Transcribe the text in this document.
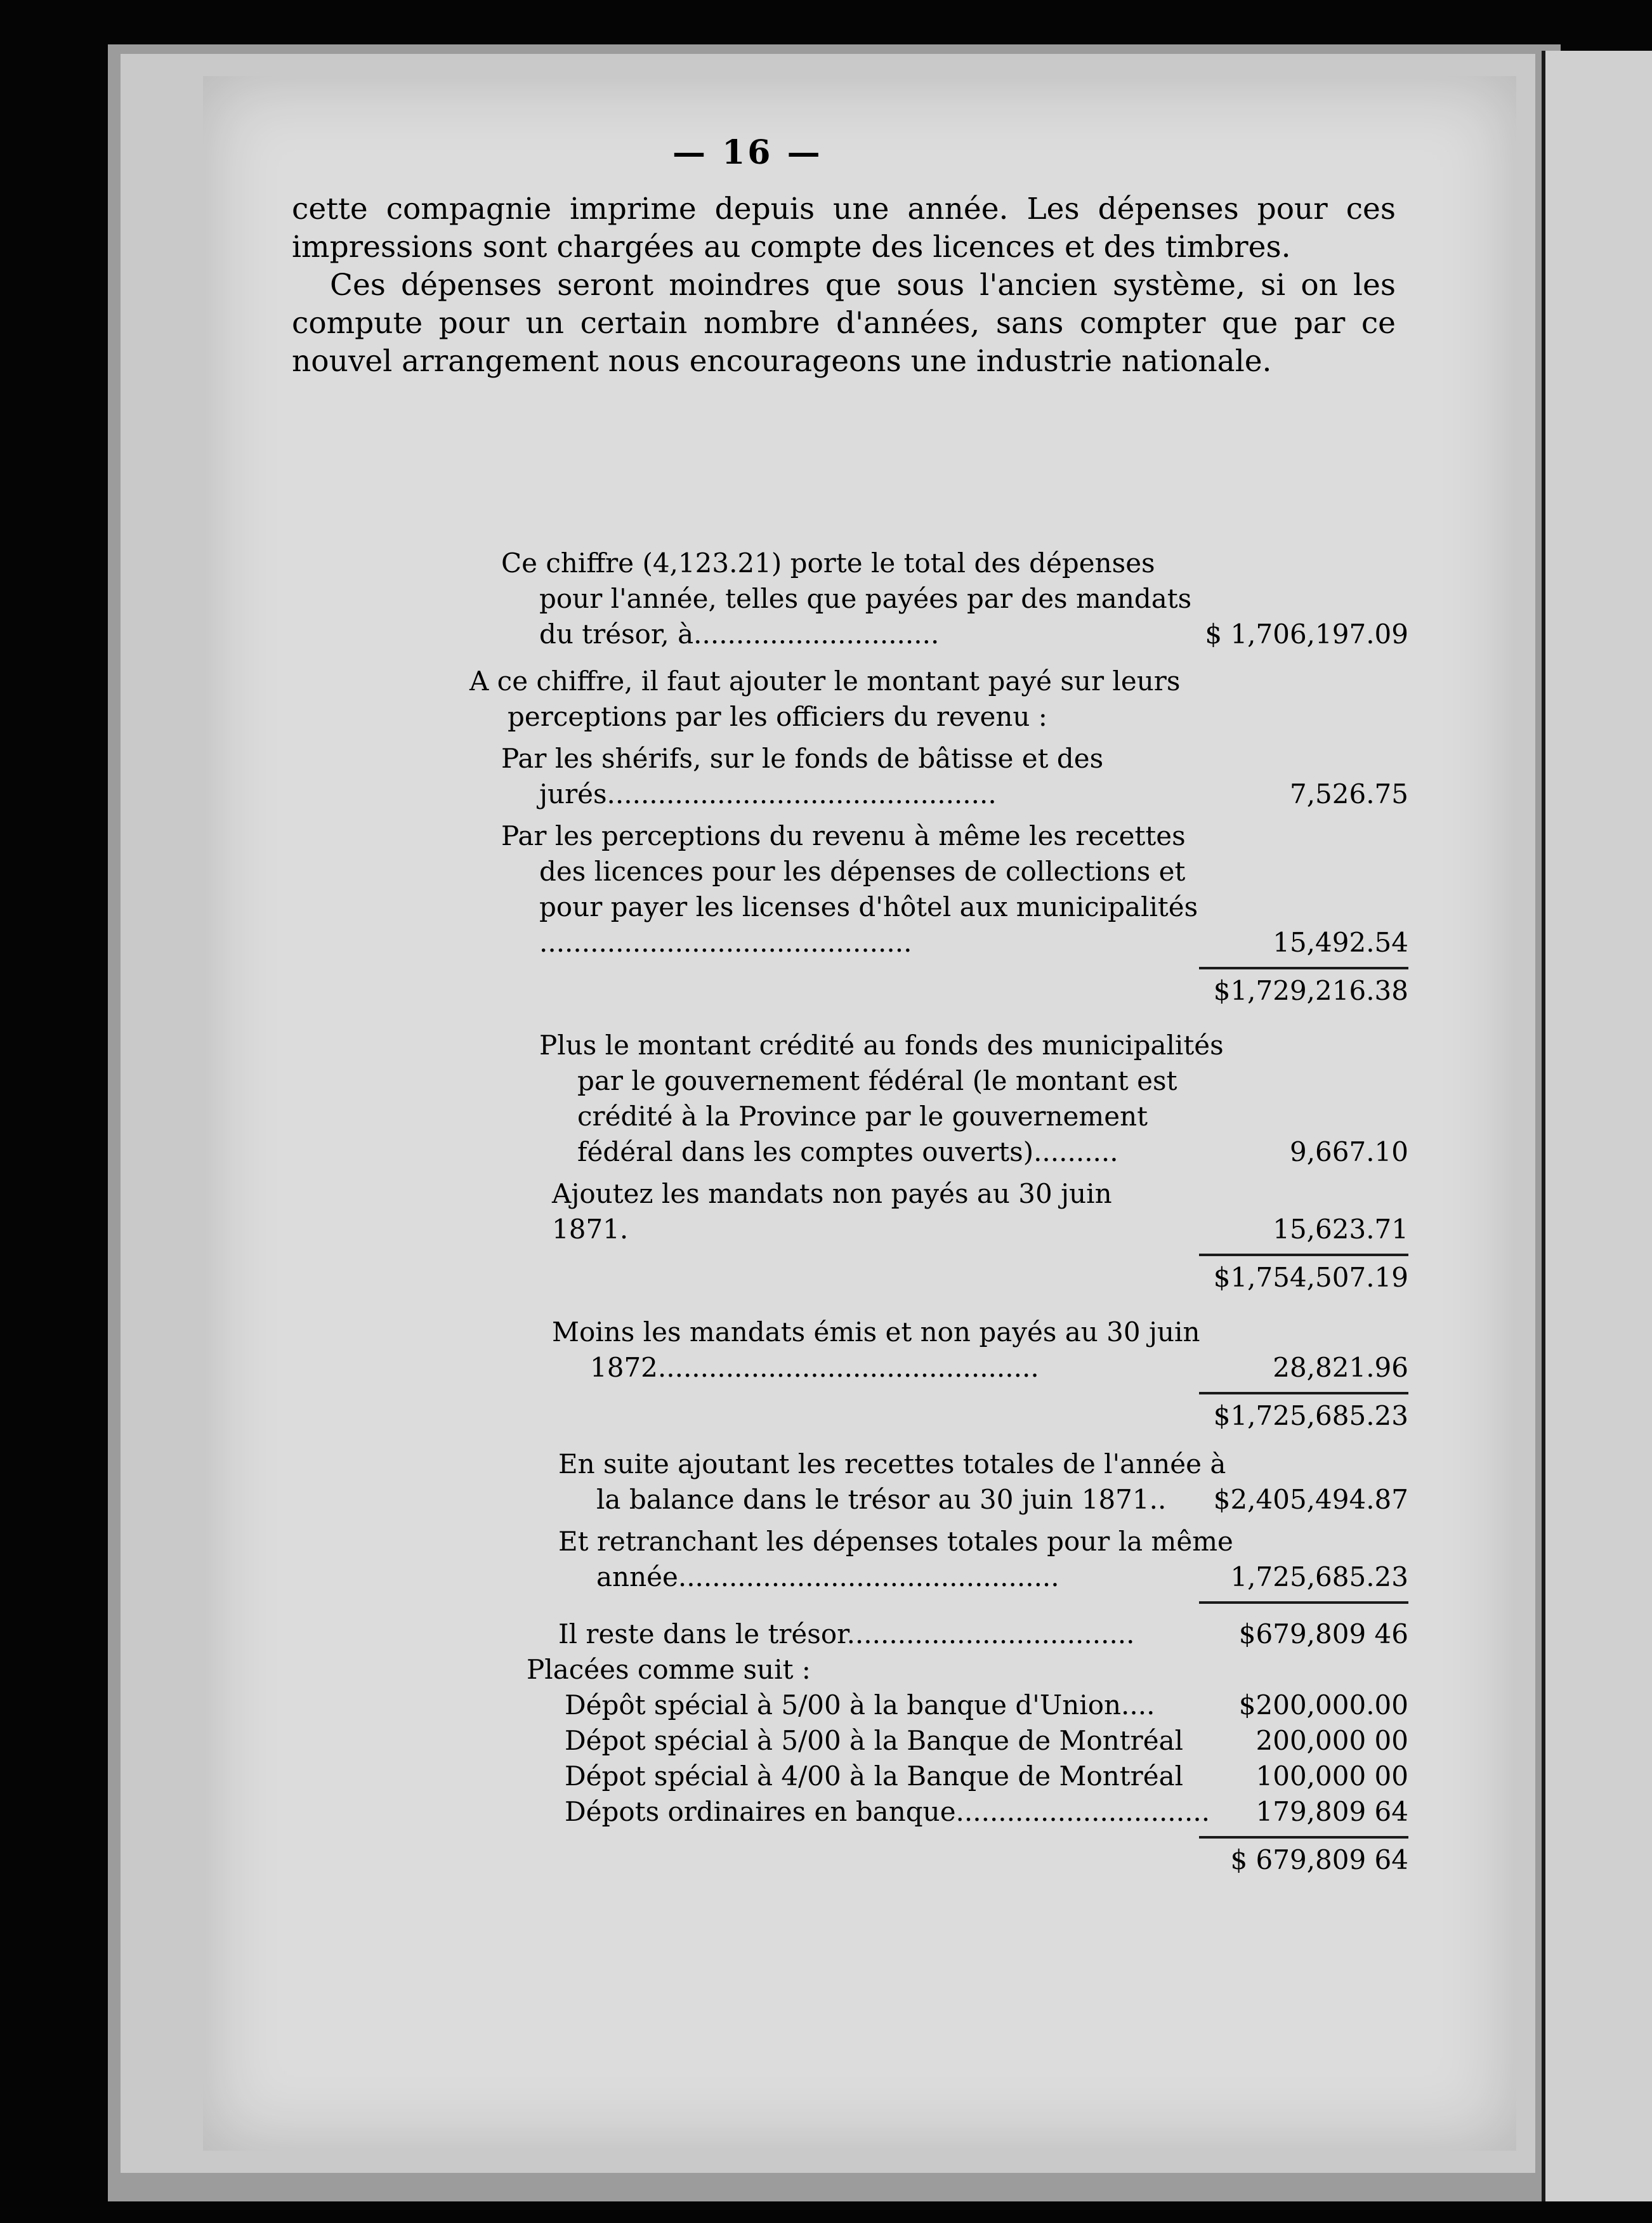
— 16 —

cette compagnie imprime depuis une année. Les dépenses pour ces impressions sont chargées au compte des licences et des timbres.

Ces dépenses seront moindres que sous l'ancien système, si on les compute pour un certain nombre d'années, sans compter que par ce nouvel arrangement nous encourageons une industrie nationale.

Ce chiffre (4,123.21) porte le total des dépenses pour l'année, telles que payées par des mandats du trésor, à.............................	$ 1,706,197.09
A ce chiffre, il faut ajouter le montant payé sur leurs perceptions par les officiers du revenu :
Par les shérifs, sur le fonds de bâtisse et des jurés..............................................	7,526.75
Par les perceptions du revenu à même les recettes des licences pour les dépenses de collections et pour payer les licenses d'hôtel aux municipalités ............................................	15,492.54
$1,729,216.38
Plus le montant crédité au fonds des municipalités par le gouvernement fédéral (le montant est crédité à la Province par le gouvernement fédéral dans les comptes ouverts)..........	9,667.10
Ajoutez les mandats non payés au 30 juin 1871.	15,623.71
$1,754,507.19
Moins les mandats émis et non payés au 30 juin 1872.............................................	28,821.96
$1,725,685.23
En suite ajoutant les recettes totales de l'année à la balance dans le trésor au 30 juin 1871..	$2,405,494.87
Et retranchant les dépenses totales pour la même année.............................................	1,725,685.23
Il reste dans le trésor..................................	$679,809 46
Placées comme suit :
Dépôt spécial à 5/00 à la banque d'Union....	$200,000.00
Dépot spécial à 5/00 à la Banque de Montréal	200,000 00
Dépot spécial à 4/00 à la Banque de Montréal	100,000 00
Dépots ordinaires en banque.............................. 179,809 64
$ 679,809 64
